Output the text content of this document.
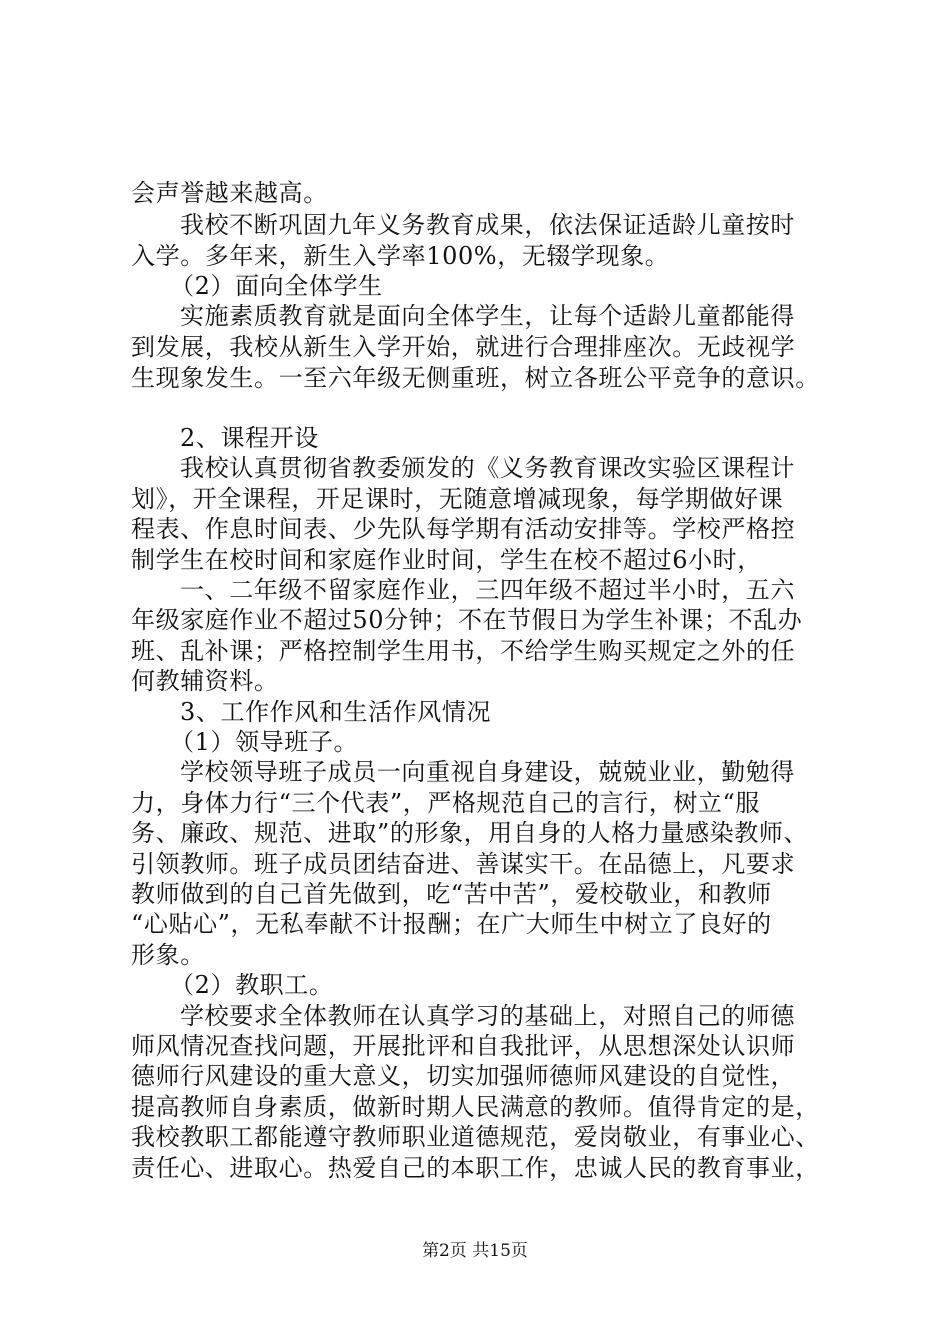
会声誉越来越高。
我校不断巩固九年义务教育成果，依法保证适龄儿童按时
入学。多年来，新生入学率100%，无辍学现象。
（2）面向全体学生
实施素质教育就是面向全体学生，让每个适龄儿童都能得
到发展，我校从新生入学开始，就进行合理排座次。无歧视学
生现象发生。一至六年级无侧重班，树立各班公平竞争的意识。
2、课程开设
我校认真贯彻省教委颁发的《义务教育课改实验区课程计
划》，开全课程，开足课时，无随意增减现象，每学期做好课
程表、作息时间表、少先队每学期有活动安排等。学校严格控
制学生在校时间和家庭作业时间，学生在校不超过6小时，
一、二年级不留家庭作业，三四年级不超过半小时，五六
年级家庭作业不超过50分钟；不在节假日为学生补课；不乱办
班、乱补课；严格控制学生用书，不给学生购买规定之外的任
何教辅资料。
3、工作作风和生活作风情况
（1）领导班子。
学校领导班子成员一向重视自身建设，兢兢业业，勤勉得
力，身体力行“三个代表”，严格规范自己的言行，树立“服
务、廉政、规范、进取”的形象，用自身的人格力量感染教师、
引领教师。班子成员团结奋进、善谋实干。在品德上，凡要求
教师做到的自己首先做到，吃“苦中苦”，爱校敬业，和教师
“心贴心”，无私奉献不计报酬；在广大师生中树立了良好的
形象。
（2）教职工。
学校要求全体教师在认真学习的基础上，对照自己的师德
师风情况查找问题，开展批评和自我批评，从思想深处认识师
德师行风建设的重大意义，切实加强师德师风建设的自觉性，
提高教师自身素质，做新时期人民满意的教师。值得肯定的是，
我校教职工都能遵守教师职业道德规范，爱岗敬业，有事业心、
责任心、进取心。热爱自己的本职工作，忠诚人民的教育事业，
第2页 共15页
